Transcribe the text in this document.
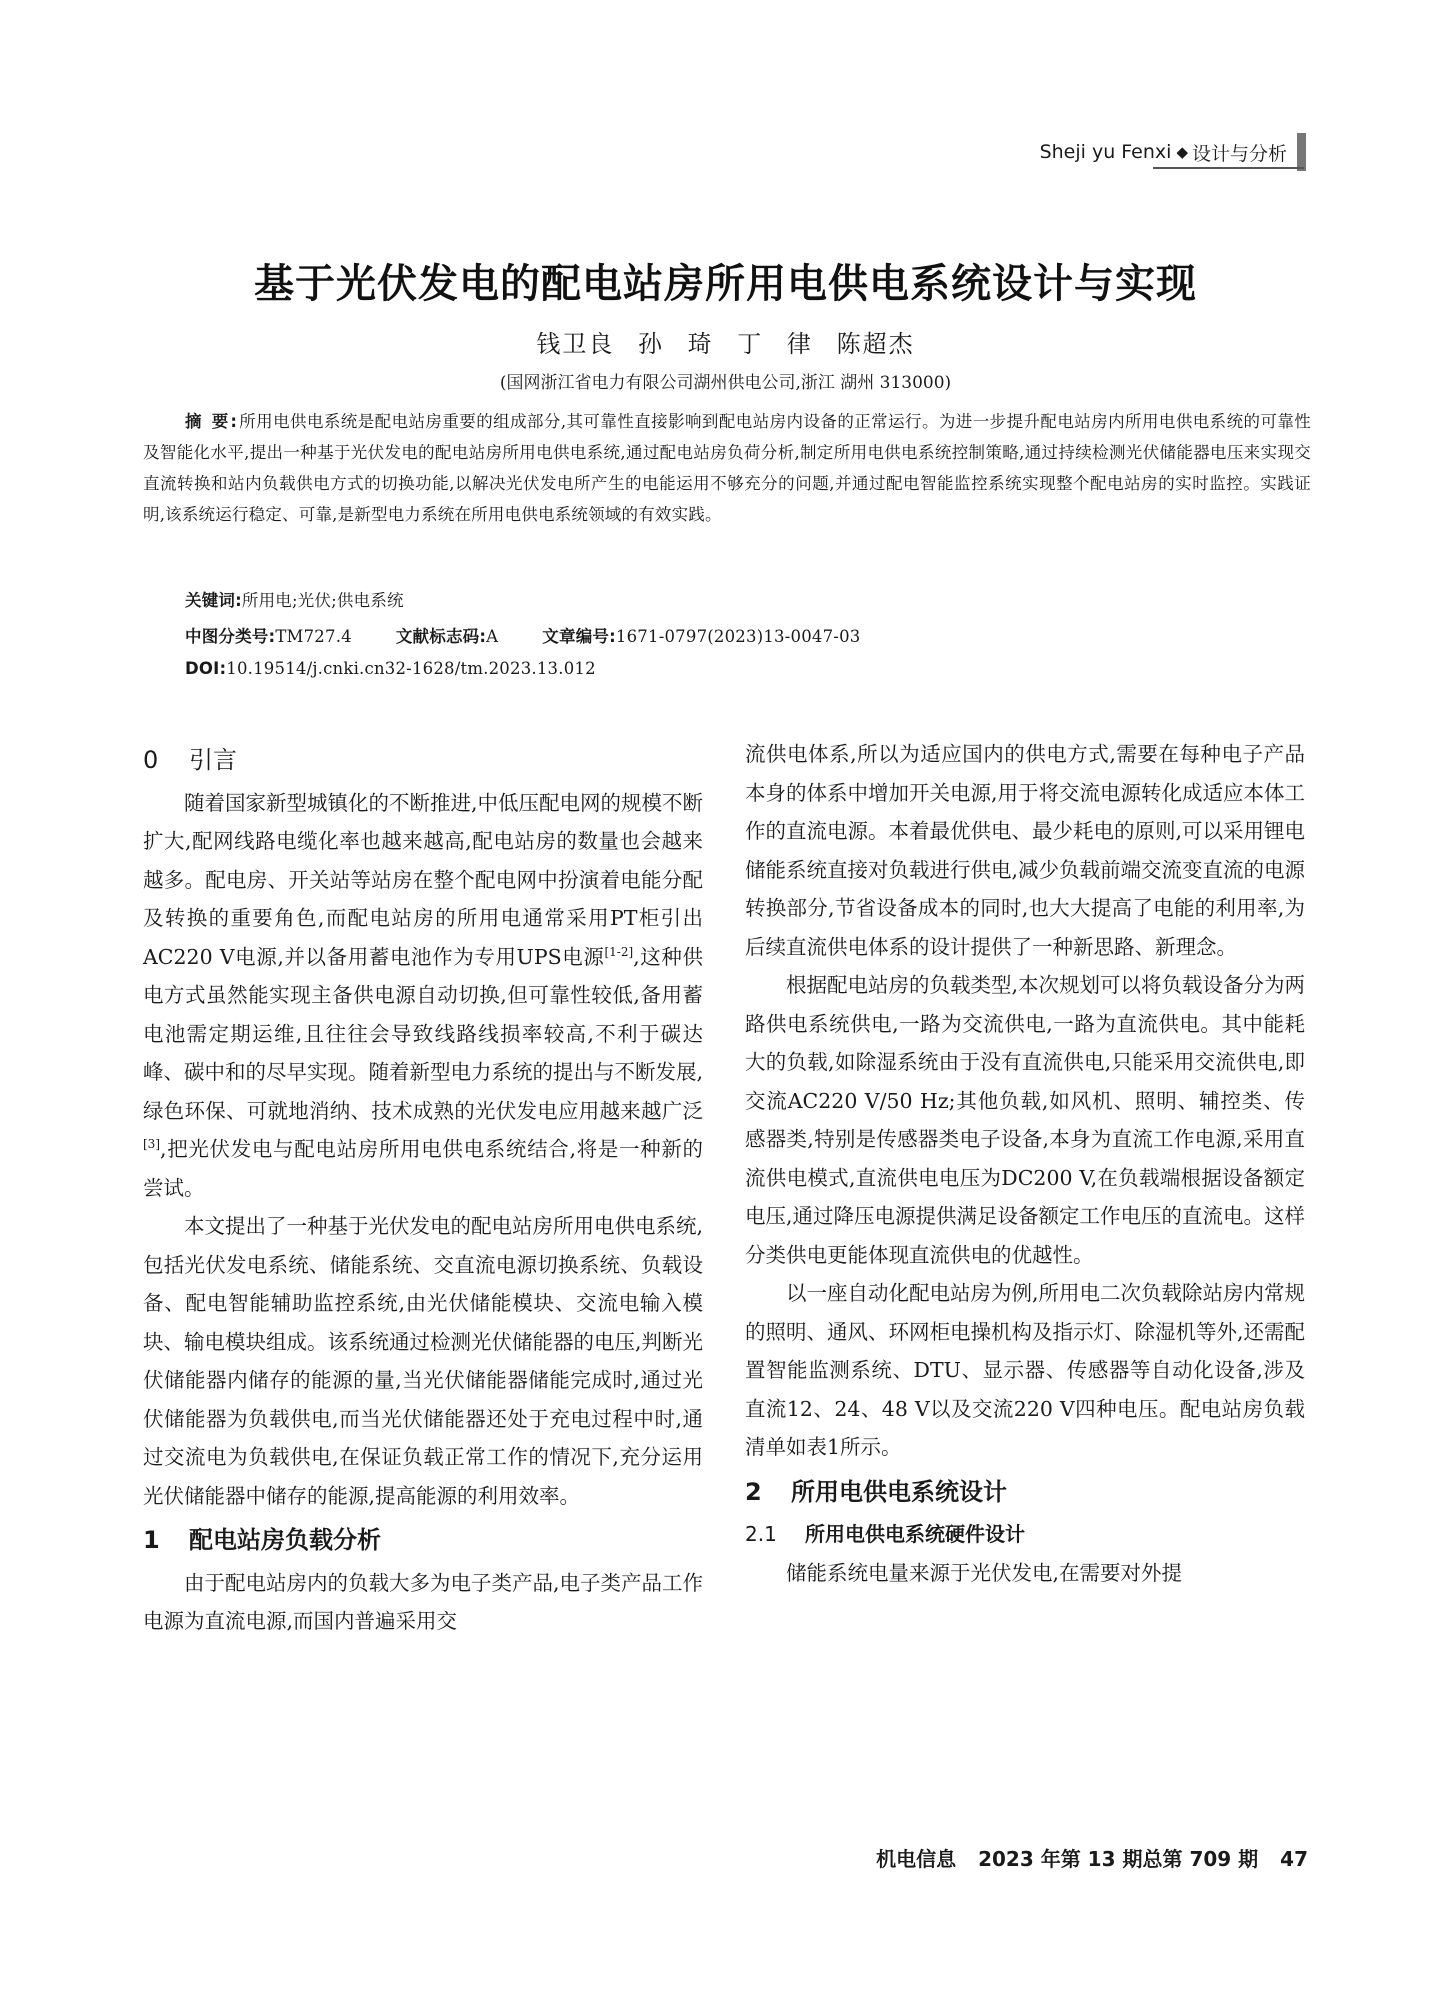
Sheji yu Fenxi ◆ 设计与分析
基于光伏发电的配电站房所用电供电系统设计与实现
钱卫良 孙 琦 丁 律 陈超杰
(国网浙江省电力有限公司湖州供电公司,浙江 湖州 313000)
摘 要:所用电供电系统是配电站房重要的组成部分,其可靠性直接影响到配电站房内设备的正常运行。为进一步提升配电站房内所用电供电系统的可靠性及智能化水平,提出一种基于光伏发电的配电站房所用电供电系统,通过配电站房负荷分析,制定所用电供电系统控制策略,通过持续检测光伏储能器电压来实现交直流转换和站内负载供电方式的切换功能,以解决光伏发电所产生的电能运用不够充分的问题,并通过配电智能监控系统实现整个配电站房的实时监控。实践证明,该系统运行稳定、可靠,是新型电力系统在所用电供电系统领域的有效实践。
关键词:所用电;光伏;供电系统
中图分类号:TM727.4	文献标志码:A	文章编号:1671-0797(2023)13-0047-03
DOI:10.19514/j.cnki.cn32-1628/tm.2023.13.012
0 引言

随着国家新型城镇化的不断推进,中低压配电网的规模不断扩大,配网线路电缆化率也越来越高,配电站房的数量也会越来越多。配电房、开关站等站房在整个配电网中扮演着电能分配及转换的重要角色,而配电站房的所用电通常采用PT柜引出AC220 V电源,并以备用蓄电池作为专用UPS电源[1-2],这种供电方式虽然能实现主备供电源自动切换,但可靠性较低,备用蓄电池需定期运维,且往往会导致线路线损率较高,不利于碳达峰、碳中和的尽早实现。随着新型电力系统的提出与不断发展,绿色环保、可就地消纳、技术成熟的光伏发电应用越来越广泛[3],把光伏发电与配电站房所用电供电系统结合,将是一种新的尝试。

本文提出了一种基于光伏发电的配电站房所用电供电系统,包括光伏发电系统、储能系统、交直流电源切换系统、负载设备、配电智能辅助监控系统,由光伏储能模块、交流电输入模块、输电模块组成。该系统通过检测光伏储能器的电压,判断光伏储能器内储存的能源的量,当光伏储能器储能完成时,通过光伏储能器为负载供电,而当光伏储能器还处于充电过程中时,通过交流电为负载供电,在保证负载正常工作的情况下,充分运用光伏储能器中储存的能源,提高能源的利用效率。

1 配电站房负载分析

由于配电站房内的负载大多为电子类产品,电子类产品工作电源为直流电源,而国内普遍采用交

流供电体系,所以为适应国内的供电方式,需要在每种电子产品本身的体系中增加开关电源,用于将交流电源转化成适应本体工作的直流电源。本着最优供电、最少耗电的原则,可以采用锂电储能系统直接对负载进行供电,减少负载前端交流变直流的电源转换部分,节省设备成本的同时,也大大提高了电能的利用率,为后续直流供电体系的设计提供了一种新思路、新理念。

根据配电站房的负载类型,本次规划可以将负载设备分为两路供电系统供电,一路为交流供电,一路为直流供电。其中能耗大的负载,如除湿系统由于没有直流供电,只能采用交流供电,即交流AC220 V/50 Hz;其他负载,如风机、照明、辅控类、传感器类,特别是传感器类电子设备,本身为直流工作电源,采用直流供电模式,直流供电电压为DC200 V,在负载端根据设备额定电压,通过降压电源提供满足设备额定工作电压的直流电。这样分类供电更能体现直流供电的优越性。

以一座自动化配电站房为例,所用电二次负载除站房内常规的照明、通风、环网柜电操机构及指示灯、除湿机等外,还需配置智能监测系统、DTU、显示器、传感器等自动化设备,涉及直流12、24、48 V以及交流220 V四种电压。配电站房负载清单如表1所示。

2 所用电供电系统设计
2.1 所用电供电系统硬件设计

储能系统电量来源于光伏发电,在需要对外提

机电信息 2023 年第 13 期总第 709 期 47
